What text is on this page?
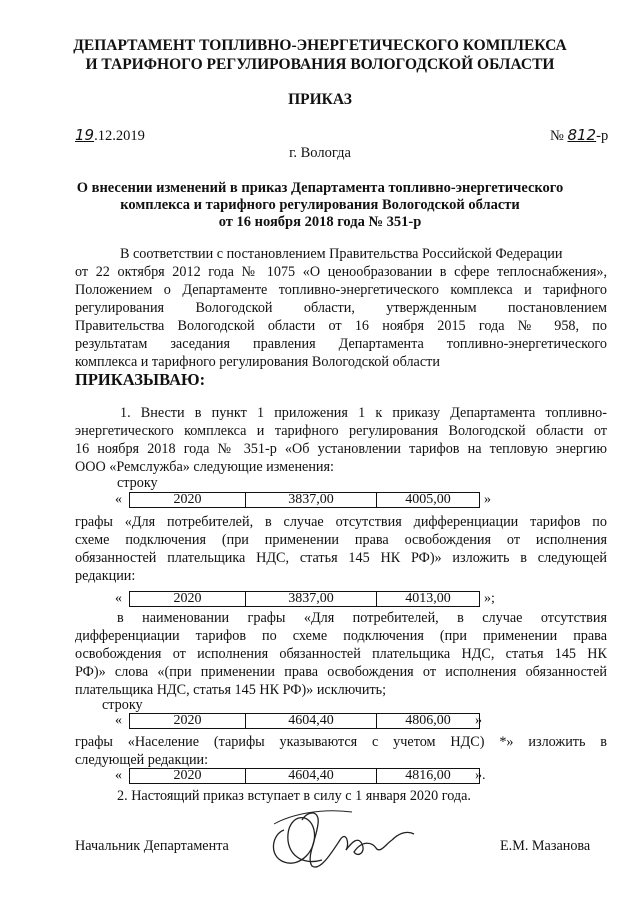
ДЕПАРТАМЕНТ ТОПЛИВНО-ЭНЕРГЕТИЧЕСКОГО КОМПЛЕКСА
И ТАРИФНОГО РЕГУЛИРОВАНИЯ ВОЛОГОДСКОЙ ОБЛАСТИ
ПРИКАЗ
19.12.2019	№ 812-р
г. Вологда
О внесении изменений в приказ Департамента топливно-энергетического
комплекса и тарифного регулирования Вологодской области
от 16 ноября 2018 года № 351-р
В соответствии с постановлением Правительства Российской Федерации
от 22 октября 2012 года № 1075 «О ценообразовании в сфере теплоснабжения»,
Положением о Департаменте топливно-энергетического комплекса и тарифного
регулирования Вологодской области, утвержденным постановлением
Правительства Вологодской области от 16 ноября 2015 года № 958, по
результатам заседания правления Департамента топливно-энергетического
комплекса и тарифного регулирования Вологодской области
ПРИКАЗЫВАЮ:
1. Внести в пункт 1 приложения 1 к приказу Департамента топливно-
энергетического комплекса и тарифного регулирования Вологодской области от
16 ноября 2018 года № 351-р «Об установлении тарифов на тепловую энергию
ООО «Ремслужба» следующие изменения:
строку
«	2020	3837,00	4005,00	»
графы «Для потребителей, в случае отсутствия дифференциации тарифов по
схеме подключения (при применении права освобождения от исполнения
обязанностей плательщика НДС, статья 145 НК РФ)» изложить в следующей
редакции:
«	2020	3837,00	4013,00	»;
в наименовании графы «Для потребителей, в случае отсутствия
дифференциации тарифов по схеме подключения (при применении права
освобождения от исполнения обязанностей плательщика НДС, статья 145 НК
РФ)» слова «(при применении права освобождения от исполнения обязанностей
плательщика НДС, статья 145 НК РФ)» исключить;
строку
«	2020	4604,40	4806,00	»
графы «Население (тарифы указываются с учетом НДС) *» изложить в
следующей редакции:
«	2020	4604,40	4816,00	».
2. Настоящий приказ вступает в силу с 1 января 2020 года.
Начальник Департамента	Е.М. Мазанова
